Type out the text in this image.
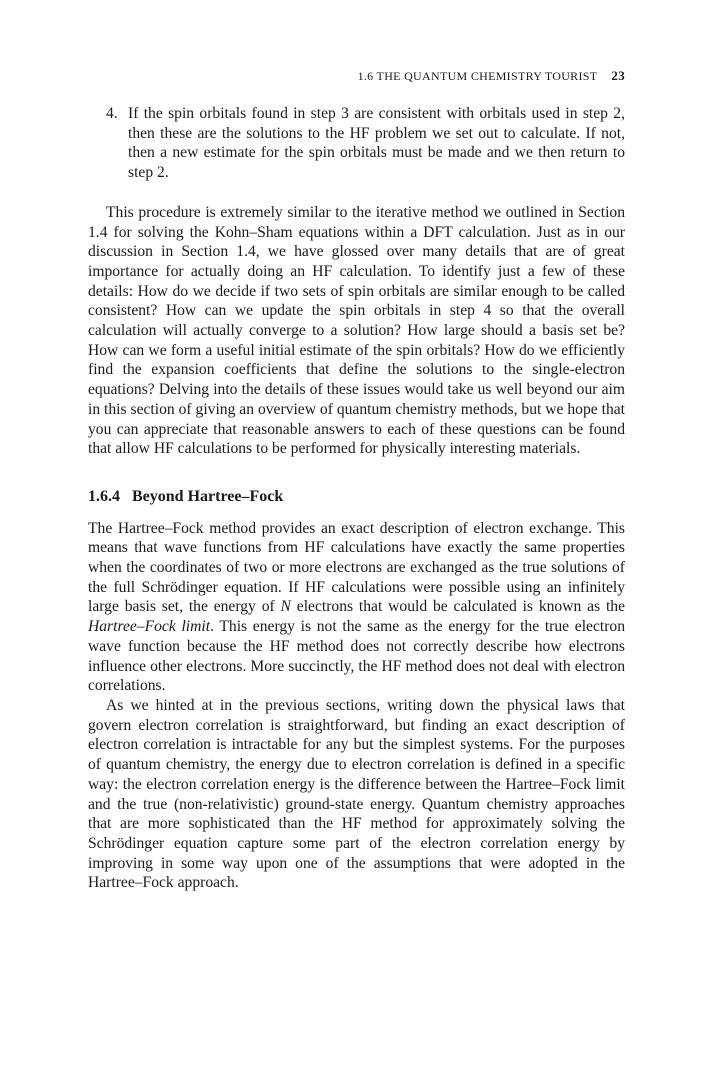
1.6 THE QUANTUM CHEMISTRY TOURIST 23

4. If the spin orbitals found in step 3 are consistent with orbitals used in step 2, then these are the solutions to the HF problem we set out to calculate. If not, then a new estimate for the spin orbitals must be made and we then return to step 2.

This procedure is extremely similar to the iterative method we outlined in Section 1.4 for solving the Kohn–Sham equations within a DFT calculation. Just as in our discussion in Section 1.4, we have glossed over many details that are of great importance for actually doing an HF calculation. To identify just a few of these details: How do we decide if two sets of spin orbitals are similar enough to be called consistent? How can we update the spin orbitals in step 4 so that the overall calculation will actually converge to a solution? How large should a basis set be? How can we form a useful initial estimate of the spin orbitals? How do we efficiently find the expansion coefficients that define the solutions to the single-electron equations? Delving into the details of these issues would take us well beyond our aim in this section of giving an overview of quantum chemistry methods, but we hope that you can appreciate that reasonable answers to each of these questions can be found that allow HF calculations to be performed for physically interesting materials.

1.6.4 Beyond Hartree–Fock

The Hartree–Fock method provides an exact description of electron exchange. This means that wave functions from HF calculations have exactly the same properties when the coordinates of two or more electrons are exchanged as the true solutions of the full Schrödinger equation. If HF calculations were possible using an infinitely large basis set, the energy of N electrons that would be calculated is known as the Hartree–Fock limit. This energy is not the same as the energy for the true electron wave function because the HF method does not correctly describe how electrons influence other electrons. More succinctly, the HF method does not deal with electron correlations.

As we hinted at in the previous sections, writing down the physical laws that govern electron correlation is straightforward, but finding an exact description of electron correlation is intractable for any but the simplest systems. For the purposes of quantum chemistry, the energy due to electron correlation is defined in a specific way: the electron correlation energy is the difference between the Hartree–Fock limit and the true (non-relativistic) ground-state energy. Quantum chemistry approaches that are more sophisticated than the HF method for approximately solving the Schrödinger equation capture some part of the electron correlation energy by improving in some way upon one of the assumptions that were adopted in the Hartree–Fock approach.
